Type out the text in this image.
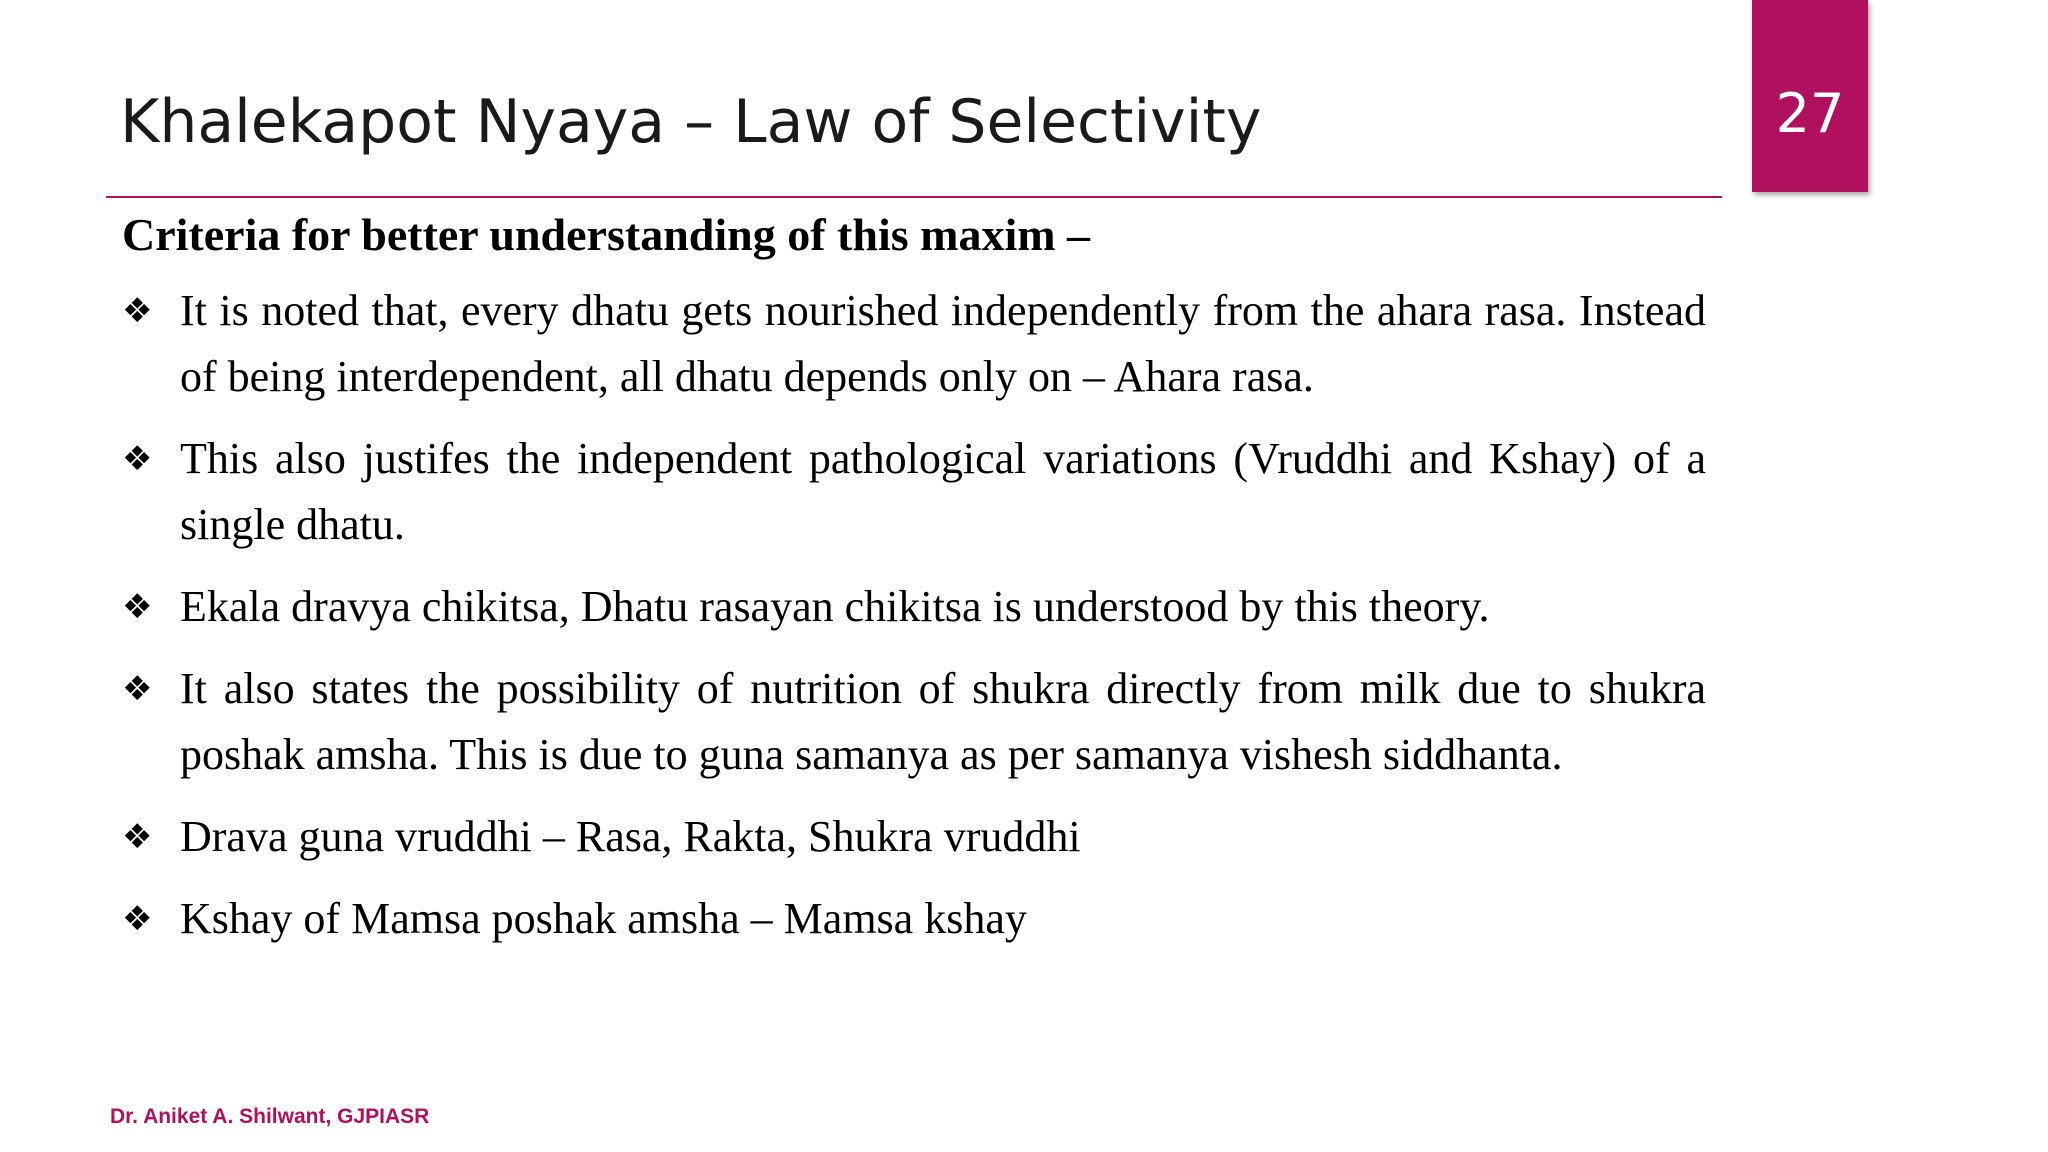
Khalekapot Nyaya – Law of Selectivity	27

Criteria for better understanding of this maxim –

❖ It is noted that, every dhatu gets nourished independently from the ahara rasa. Instead of being interdependent, all dhatu depends only on – Ahara rasa.
❖ This also justifes the independent pathological variations (Vruddhi and Kshay) of a single dhatu.
❖ Ekala dravya chikitsa, Dhatu rasayan chikitsa is understood by this theory.
❖ It also states the possibility of nutrition of shukra directly from milk due to shukra poshak amsha. This is due to guna samanya as per samanya vishesh siddhanta.
❖ Drava guna vruddhi – Rasa, Rakta, Shukra vruddhi
❖ Kshay of Mamsa poshak amsha – Mamsa kshay
Dr. Aniket A. Shilwant, GJPIASR
